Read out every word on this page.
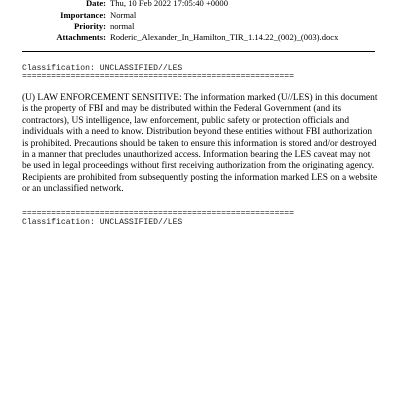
Date: Thu, 10 Feb 2022 17:05:40 +0000
Importance: Normal
Priority: normal
Attachments: Roderic_Alexander_In_Hamilton_TIR_1.14.22_(002)_(003).docx
Classification: UNCLASSIFIED//LES
========================================================
(U) LAW ENFORCEMENT SENSITIVE: The information marked (U//LES) in this document is the property of FBI and may be distributed within the Federal Government (and its contractors), US intelligence, law enforcement, public safety or protection officials and individuals with a need to know. Distribution beyond these entities without FBI authorization is prohibited. Precautions should be taken to ensure this information is stored and/or destroyed in a manner that precludes unauthorized access. Information bearing the LES caveat may not be used in legal proceedings without first receiving authorization from the originating agency. Recipients are prohibited from subsequently posting the information marked LES on a website or an unclassified network.
========================================================
Classification: UNCLASSIFIED//LES
